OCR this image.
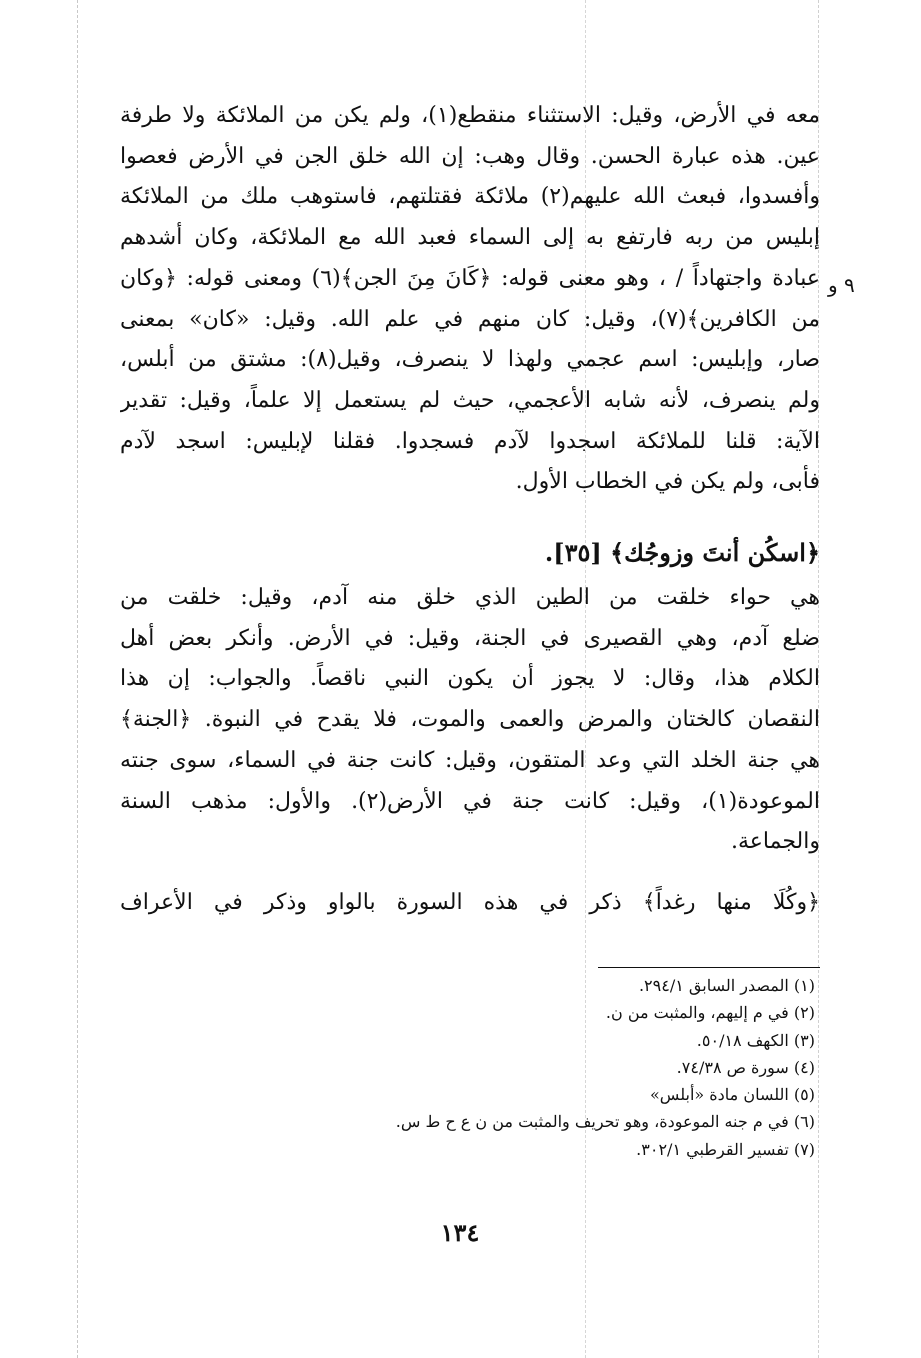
٩ و
معه في الأرض، وقيل: الاستثناء منقطع(١)، ولم يكن من الملائكة ولا طرفة
عين. هذه عبارة الحسن. وقال وهب: إن الله خلق الجن في الأرض فعصوا
وأفسدوا، فبعث الله عليهم(٢) ملائكة فقتلتهم، فاستوهب ملك من الملائكة
إبليس من ربه فارتفع به إلى السماء فعبد الله مع الملائكة، وكان أشدهم
عبادة واجتهاداً / ، وهو معنى قوله: ﴿كَانَ مِنَ الجن﴾(٦) ومعنى قوله: ﴿وكان
من الكافرين﴾(٧)، وقيل: كان منهم في علم الله. وقيل: «كان» بمعنى
صار، وإبليس: اسم عجمي ولهذا لا ينصرف، وقيل(٨): مشتق من أبلس،
ولم ينصرف، لأنه شابه الأعجمي، حيث لم يستعمل إلا علماً، وقيل: تقدير
الآية: قلنا للملائكة اسجدوا لآدم فسجدوا. فقلنا لإبليس: اسجد لآدم
فأبى، ولم يكن في الخطاب الأول.
﴿اسكُن أنتَ وزوجُك﴾ [٣٥].
هي حواء خلقت من الطين الذي خلق منه آدم، وقيل: خلقت من
ضلع آدم، وهي القصيرى في الجنة، وقيل: في الأرض. وأنكر بعض أهل
الكلام هذا، وقال: لا يجوز أن يكون النبي ناقصاً. والجواب: إن هذا
النقصان كالختان والمرض والعمى والموت، فلا يقدح في النبوة. ﴿الجنة﴾
هي جنة الخلد التي وعد المتقون، وقيل: كانت جنة في السماء، سوى جنته
الموعودة(١)، وقيل: كانت جنة في الأرض(٢). والأول: مذهب السنة
والجماعة.
﴿وكُلَا منها رغداً﴾ ذكر في هذه السورة بالواو وذكر في الأعراف
(١) المصدر السابق ٢٩٤/١.
(٢) في م إليهم، والمثبت من ن.
(٣) الكهف ٥٠/١٨.
(٤) سورة ص ٧٤/٣٨.
(٥) اللسان مادة «أبلس»
(٦) في م جنه الموعودة، وهو تحريف والمثبت من ن ع ح ط س.
(٧) تفسير القرطبي ٣٠٢/١.
١٣٤
